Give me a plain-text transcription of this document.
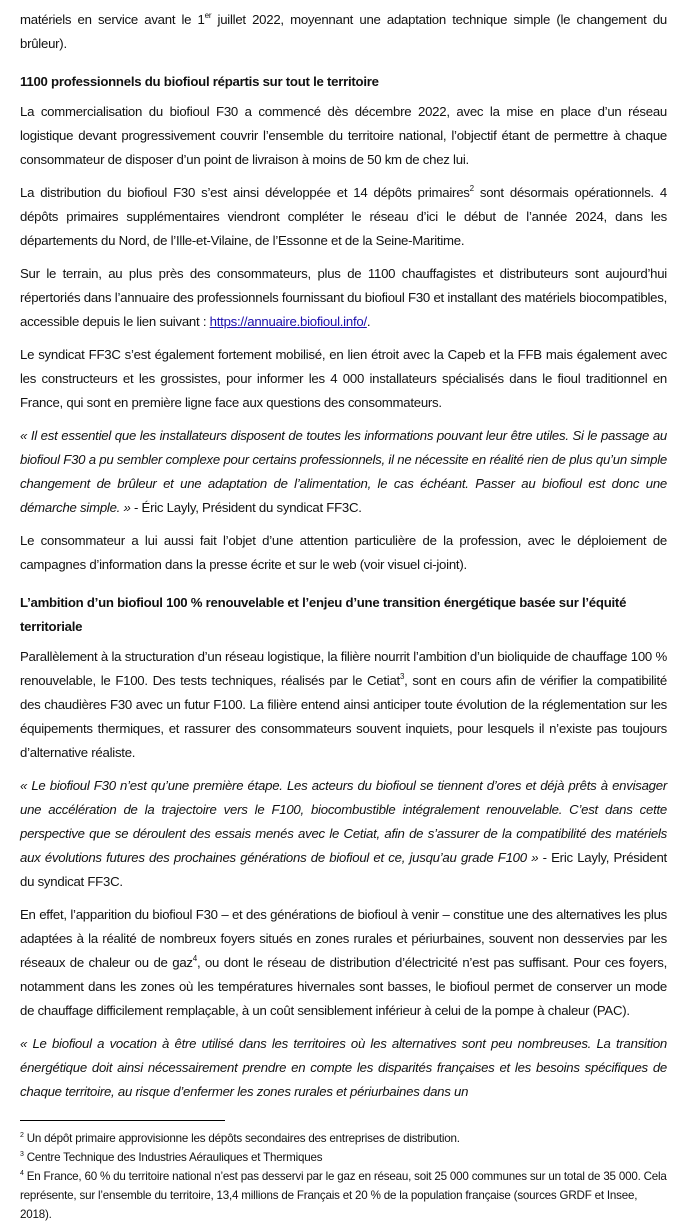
matériels en service avant le 1er juillet 2022, moyennant une adaptation technique simple (le changement du brûleur).

1100 professionnels du biofioul répartis sur tout le territoire

La commercialisation du biofioul F30 a commencé dès décembre 2022, avec la mise en place d’un réseau logistique devant progressivement couvrir l’ensemble du territoire national, l’objectif étant de permettre à chaque consommateur de disposer d’un point de livraison à moins de 50 km de chez lui.

La distribution du biofioul F30 s’est ainsi développée et 14 dépôts primaires$^2$ sont désormais opérationnels. 4 dépôts primaires supplémentaires viendront compléter le réseau d’ici le début de l’année 2024, dans les départements du Nord, de l’Ille-et-Vilaine, de l’Essonne et de la Seine-Maritime.

Sur le terrain, au plus près des consommateurs, plus de 1100 chauffagistes et distributeurs sont aujourd’hui répertoriés dans l’annuaire des professionnels fournissant du biofioul F30 et installant des matériels biocompatibles, accessible depuis le lien suivant : https://annuaire.biofioul.info/.

Le syndicat FF3C s’est également fortement mobilisé, en lien étroit avec la Capeb et la FFB mais également avec les constructeurs et les grossistes, pour informer les 4 000 installateurs spécialisés dans le fioul traditionnel en France, qui sont en première ligne face aux questions des consommateurs.

« Il est essentiel que les installateurs disposent de toutes les informations pouvant leur être utiles. Si le passage au biofioul F30 a pu sembler complexe pour certains professionnels, il ne nécessite en réalité rien de plus qu’un simple changement de brûleur et une adaptation de l’alimentation, le cas échéant. Passer au biofioul est donc une démarche simple. » - Éric Layly, Président du syndicat FF3C.

Le consommateur a lui aussi fait l’objet d’une attention particulière de la profession, avec le déploiement de campagnes d’information dans la presse écrite et sur le web (voir visuel ci-joint).

L’ambition d’un biofioul 100 % renouvelable et l’enjeu d’une transition énergétique basée sur l’équité territoriale

Parallèlement à la structuration d’un réseau logistique, la filière nourrit l’ambition d’un bioliquide de chauffage 100 % renouvelable, le F100. Des tests techniques, réalisés par le Cetiat$^3$, sont en cours afin de vérifier la compatibilité des chaudières F30 avec un futur F100. La filière entend ainsi anticiper toute évolution de la réglementation sur les équipements thermiques, et rassurer des consommateurs souvent inquiets, pour lesquels il n’existe pas toujours d’alternative réaliste.

« Le biofioul F30 n’est qu’une première étape. Les acteurs du biofioul se tiennent d’ores et déjà prêts à envisager une accélération de la trajectoire vers le F100, biocombustible intégralement renouvelable. C’est dans cette perspective que se déroulent des essais menés avec le Cetiat, afin de s’assurer de la compatibilité des matériels aux évolutions futures des prochaines générations de biofioul et ce, jusqu’au grade F100 » - Eric Layly, Président du syndicat FF3C.

En effet, l’apparition du biofioul F30 – et des générations de biofioul à venir – constitue une des alternatives les plus adaptées à la réalité de nombreux foyers situés en zones rurales et périurbaines, souvent non desservies par les réseaux de chaleur ou de gaz$^4$, ou dont le réseau de distribution d’électricité n’est pas suffisant. Pour ces foyers, notamment dans les zones où les températures hivernales sont basses, le biofioul permet de conserver un mode de chauffage difficilement remplaçable, à un coût sensiblement inférieur à celui de la pompe à chaleur (PAC).

« Le biofioul a vocation à être utilisé dans les territoires où les alternatives sont peu nombreuses. La transition énergétique doit ainsi nécessairement prendre en compte les disparités françaises et les besoins spécifiques de chaque territoire, au risque d’enfermer les zones rurales et périurbaines dans un

$^2$ Un dépôt primaire approvisionne les dépôts secondaires des entreprises de distribution.

$^3$ Centre Technique des Industries Aérauliques et Thermiques

$^4$ En France, 60 % du territoire national n’est pas desservi par le gaz en réseau, soit 25 000 communes sur un total de 35 000. Cela représente, sur l’ensemble du territoire, 13,4 millions de Français et 20 % de la population française (sources GRDF et Insee, 2018).
